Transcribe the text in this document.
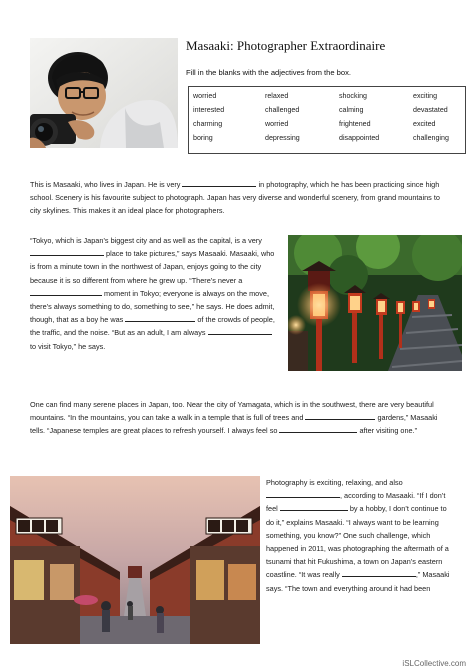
Masaaki: Photographer Extraordinaire
Fill in the blanks with the adjectives from the box.
worried	relaxed	shocking	exciting
interested	challenged	calming	devastated
charming	worried	frightened	excited
boring	depressing	disappointed	challenging

This is Masaaki, who lives in Japan. He is very	in photography, which he has been practicing since high school. Scenery is his favourite subject to photograph. Japan has very diverse and wonderful scenery, from grand mountains to city skylines. This makes it an ideal place for photographers.

“Tokyo, which is Japan’s biggest city and as well as the capital, is a very  place to take pictures,” says Masaaki. Masaaki, who is from a minute town in the northwest of Japan, enjoys going to the city because it is so different from where he grew up. “There’s never a  moment in Tokyo; everyone is always on the move, there’s always something to do, something to see,” he says. He does admit, though, that as a boy he was	of the crowds of people, the traffic, and the noise. “But as an adult, I am always  to visit Tokyo,” he says.

One can find many serene places in Japan, too. Near the city of Yamagata, which is in the southwest, there are very beautiful mountains. “In the mountains, you can take a walk in a temple that is full of trees and	gardens,” Masaaki tells. “Japanese temples are great places to refresh yourself. I always feel so	after visiting one.”

Photography is exciting, relaxing, and also , according to Masaaki. “If I don’t feel	by a hobby, I don’t continue to do it,” explains Masaaki. “I always want to be learning something, you know?” One such challenge, which happened in 2011, was photographing the aftermath of a tsunami that hit Fukushima, a town on Japan’s eastern coastline. “It was really	,” Masaaki says. “The town and everything around it had been

iSLCollective.com
